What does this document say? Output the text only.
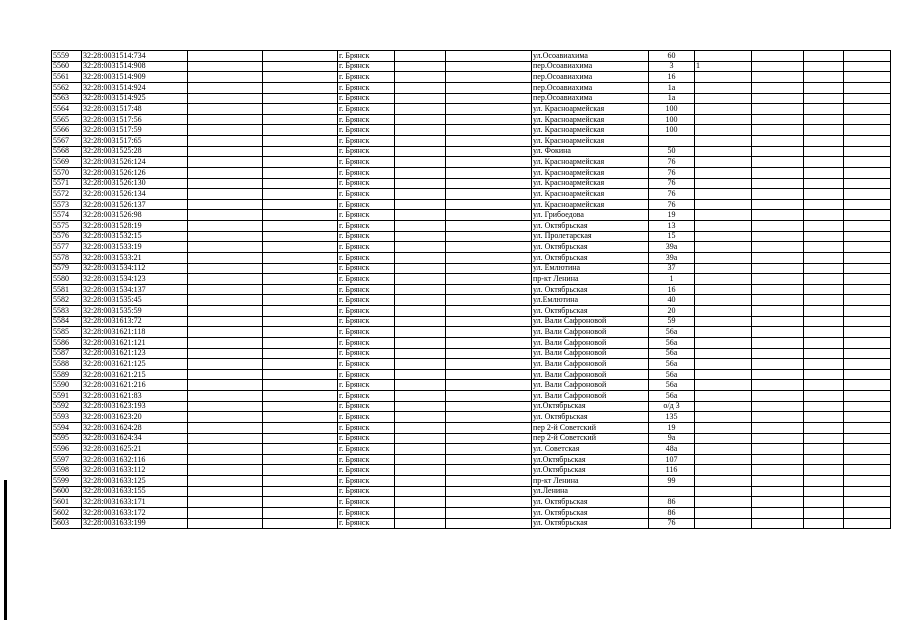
5559	32:28:0031514:734			г. Брянск			ул.Осоавиахима	60				
5560	32:28:0031514:908			г. Брянск			пер.Осоавиахима	3	1			
5561	32:28:0031514:909			г. Брянск			пер.Осоавиахима	16				
5562	32:28:0031514:924			г. Брянск			пер.Осоавиахима	1а				
5563	32:28:0031514:925			г. Брянск			пер.Осоавиахима	1а				
5564	32:28:0031517:48			г. Брянск			ул. Красноармейская	100				
5565	32:28:0031517:56			г. Брянск			ул. Красноармейская	100				
5566	32:28:0031517:59			г. Брянск			ул. Красноармейская	100				
5567	32:28:0031517:65			г. Брянск			ул. Красноармейская					
5568	32:28:0031525:28			г. Брянск			ул. Фокина	50				
5569	32:28:0031526:124			г. Брянск			ул. Красноармейская	76				
5570	32:28:0031526:126			г. Брянск			ул. Красноармейская	76				
5571	32:28:0031526:130			г. Брянск			ул. Красноармейская	76				
5572	32:28:0031526:134			г. Брянск			ул. Красноармейская	76				
5573	32:28:0031526:137			г. Брянск			ул. Красноармейская	76				
5574	32:28:0031526:98			г. Брянск			ул. Грибоедова	19				
5575	32:28:0031528:19			г. Брянск			ул. Октябрьская	13				
5576	32:28:0031532:15			г. Брянск			ул. Пролетарская	15				
5577	32:28:0031533:19			г. Брянск			ул. Октябрьская	39а				
5578	32:28:0031533:21			г. Брянск			ул. Октябрьская	39а				
5579	32:28:0031534:112			г. Брянск			ул. Емлютина	37				
5580	32:28:0031534:123			г. Брянск			пр-кт Ленина	1				
5581	32:28:0031534:137			г. Брянск			ул. Октябрьская	16				
5582	32:28:0031535:45			г. Брянск			ул.Емлютина	40				
5583	32:28:0031535:59			г. Брянск			ул. Октябрьская	20				
5584	32:28:0031613:72			г. Брянск			ул. Вали Сафроновой	59				
5585	32:28:0031621:118			г. Брянск			ул. Вали Сафроновой	56а				
5586	32:28:0031621:121			г. Брянск			ул. Вали Сафроновой	56а				
5587	32:28:0031621:123			г. Брянск			ул. Вали Сафроновой	56а				
5588	32:28:0031621:125			г. Брянск			ул. Вали Сафроновой	56а				
5589	32:28:0031621:215			г. Брянск			ул. Вали Сафроновой	56а				
5590	32:28:0031621:216			г. Брянск			ул. Вали Сафроновой	56а				
5591	32:28:0031621:83			г. Брянск			ул. Вали Сафроновой	56а				
5592	32:28:0031623:193			г. Брянск			ул.Октябрьская	о/д 3				
5593	32:28:0031623:20			г. Брянск			ул. Октябрьская	135				
5594	32:28:0031624:28			г. Брянск			пер 2-й Советский	19				
5595	32:28:0031624:34			г. Брянск			пер 2-й Советский	9а				
5596	32:28:0031625:21			г. Брянск			ул. Советская	48а				
5597	32:28:0031632:116			г. Брянск			ул.Октябрьская	107				
5598	32:28:0031633:112			г. Брянск			ул.Октябрьская	116				
5599	32:28:0031633:125			г. Брянск			пр-кт Ленина	99				
5600	32:28:0031633:155			г. Брянск			ул.Ленина					
5601	32:28:0031633:171			г. Брянск			ул. Октябрьская	86				
5602	32:28:0031633:172			г. Брянск			ул. Октябрьская	86				
5603	32:28:0031633:199			г. Брянск			ул. Октябрьская	76				
